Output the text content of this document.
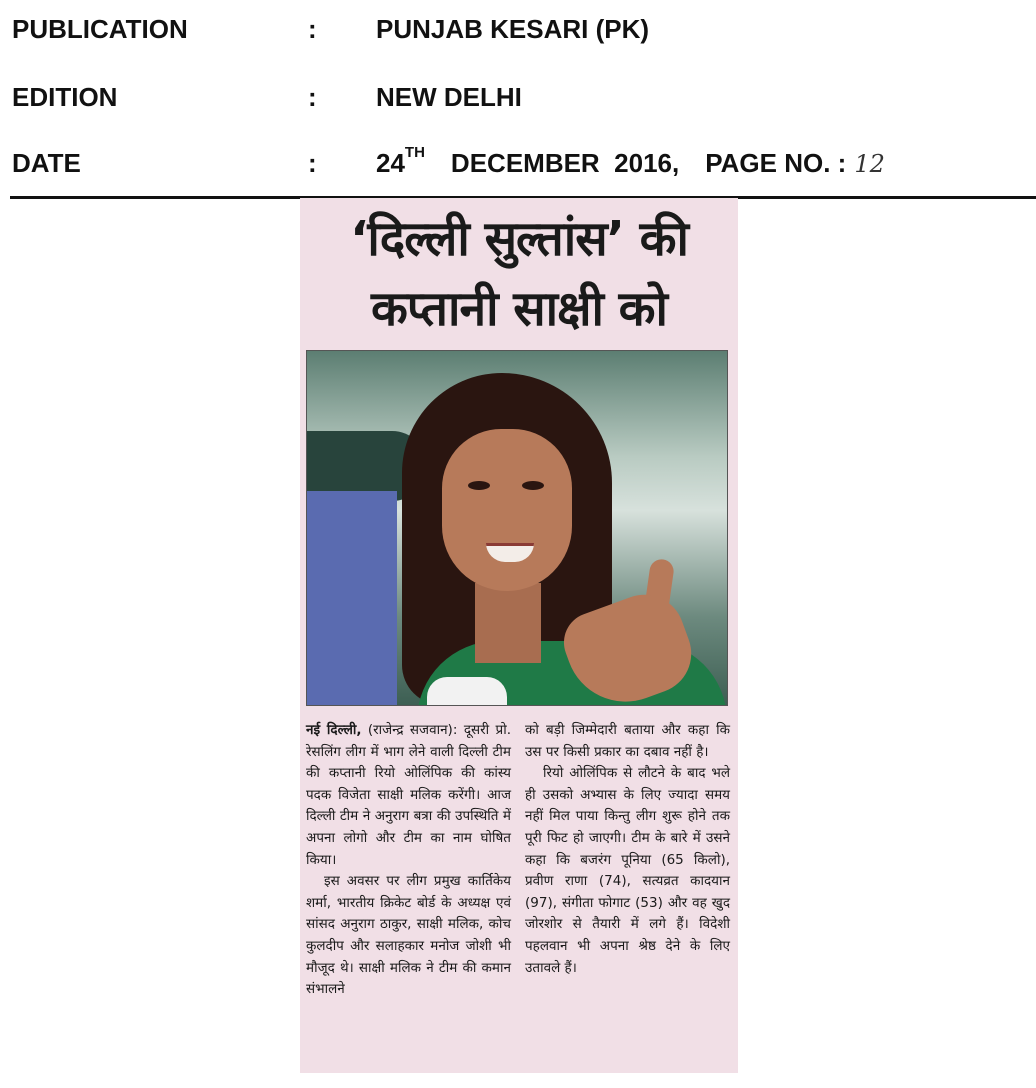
PUBLICATION	: PUNJAB KESARI (PK)
EDITION	: NEW DELHI
DATE	: 24TH DECEMBER  2016, PAGE NO. : 12
‘दिल्ली सुल्तांस’ की
कप्तानी साक्षी को

नई दिल्ली, (राजेन्द्र सजवान): दूसरी प्रो. रेसलिंग लीग में भाग लेने वाली दिल्ली टीम की कप्तानी रियो ओलिंपिक की कांस्य पदक विजेता साक्षी मलिक करेंगी। आज दिल्ली टीम ने अनुराग बत्रा की उपस्थिति में अपना लोगो और टीम का नाम घोषित किया।

इस अवसर पर लीग प्रमुख कार्तिकेय शर्मा, भारतीय क्रिकेट बोर्ड के अध्यक्ष एवं सांसद अनुराग ठाकुर, साक्षी मलिक, कोच कुलदीप और सलाहकार मनोज जोशी भी मौजूद थे। साक्षी मलिक ने टीम की कमान संभालने

को बड़ी जिम्मेदारी बताया और कहा कि उस पर किसी प्रकार का दबाव नहीं है।

रियो ओलिंपिक से लौटने के बाद भले ही उसको अभ्यास के लिए ज्यादा समय नहीं मिल पाया किन्तु लीग शुरू होने तक पूरी फिट हो जाएगी। टीम के बारे में उसने कहा कि बजरंग पूनिया (65 किलो), प्रवीण राणा (74), सत्यव्रत कादयान (97), संगीता फोगाट (53) और वह खुद जोरशोर से तैयारी में लगे हैं। विदेशी पहलवान भी अपना श्रेष्ठ देने के लिए उतावले हैं।
